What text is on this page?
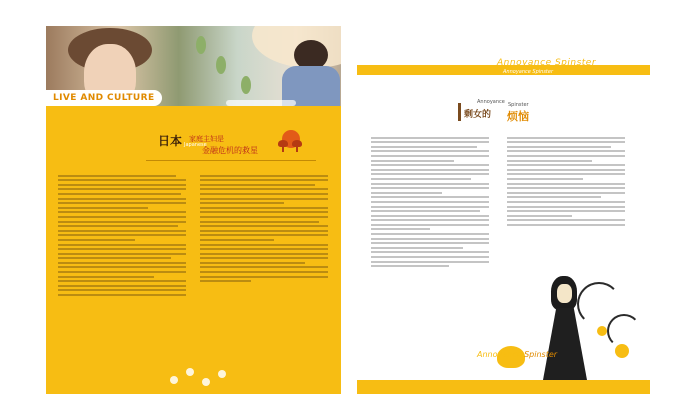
LIVE AND CULTURE
日本 家庭主妇是
Japanese
金融危机的救星
Annoyance Spinster
Annoyance Spinster
Annoyance Spinster
剩女的 烦恼
Annoyance Spinster
